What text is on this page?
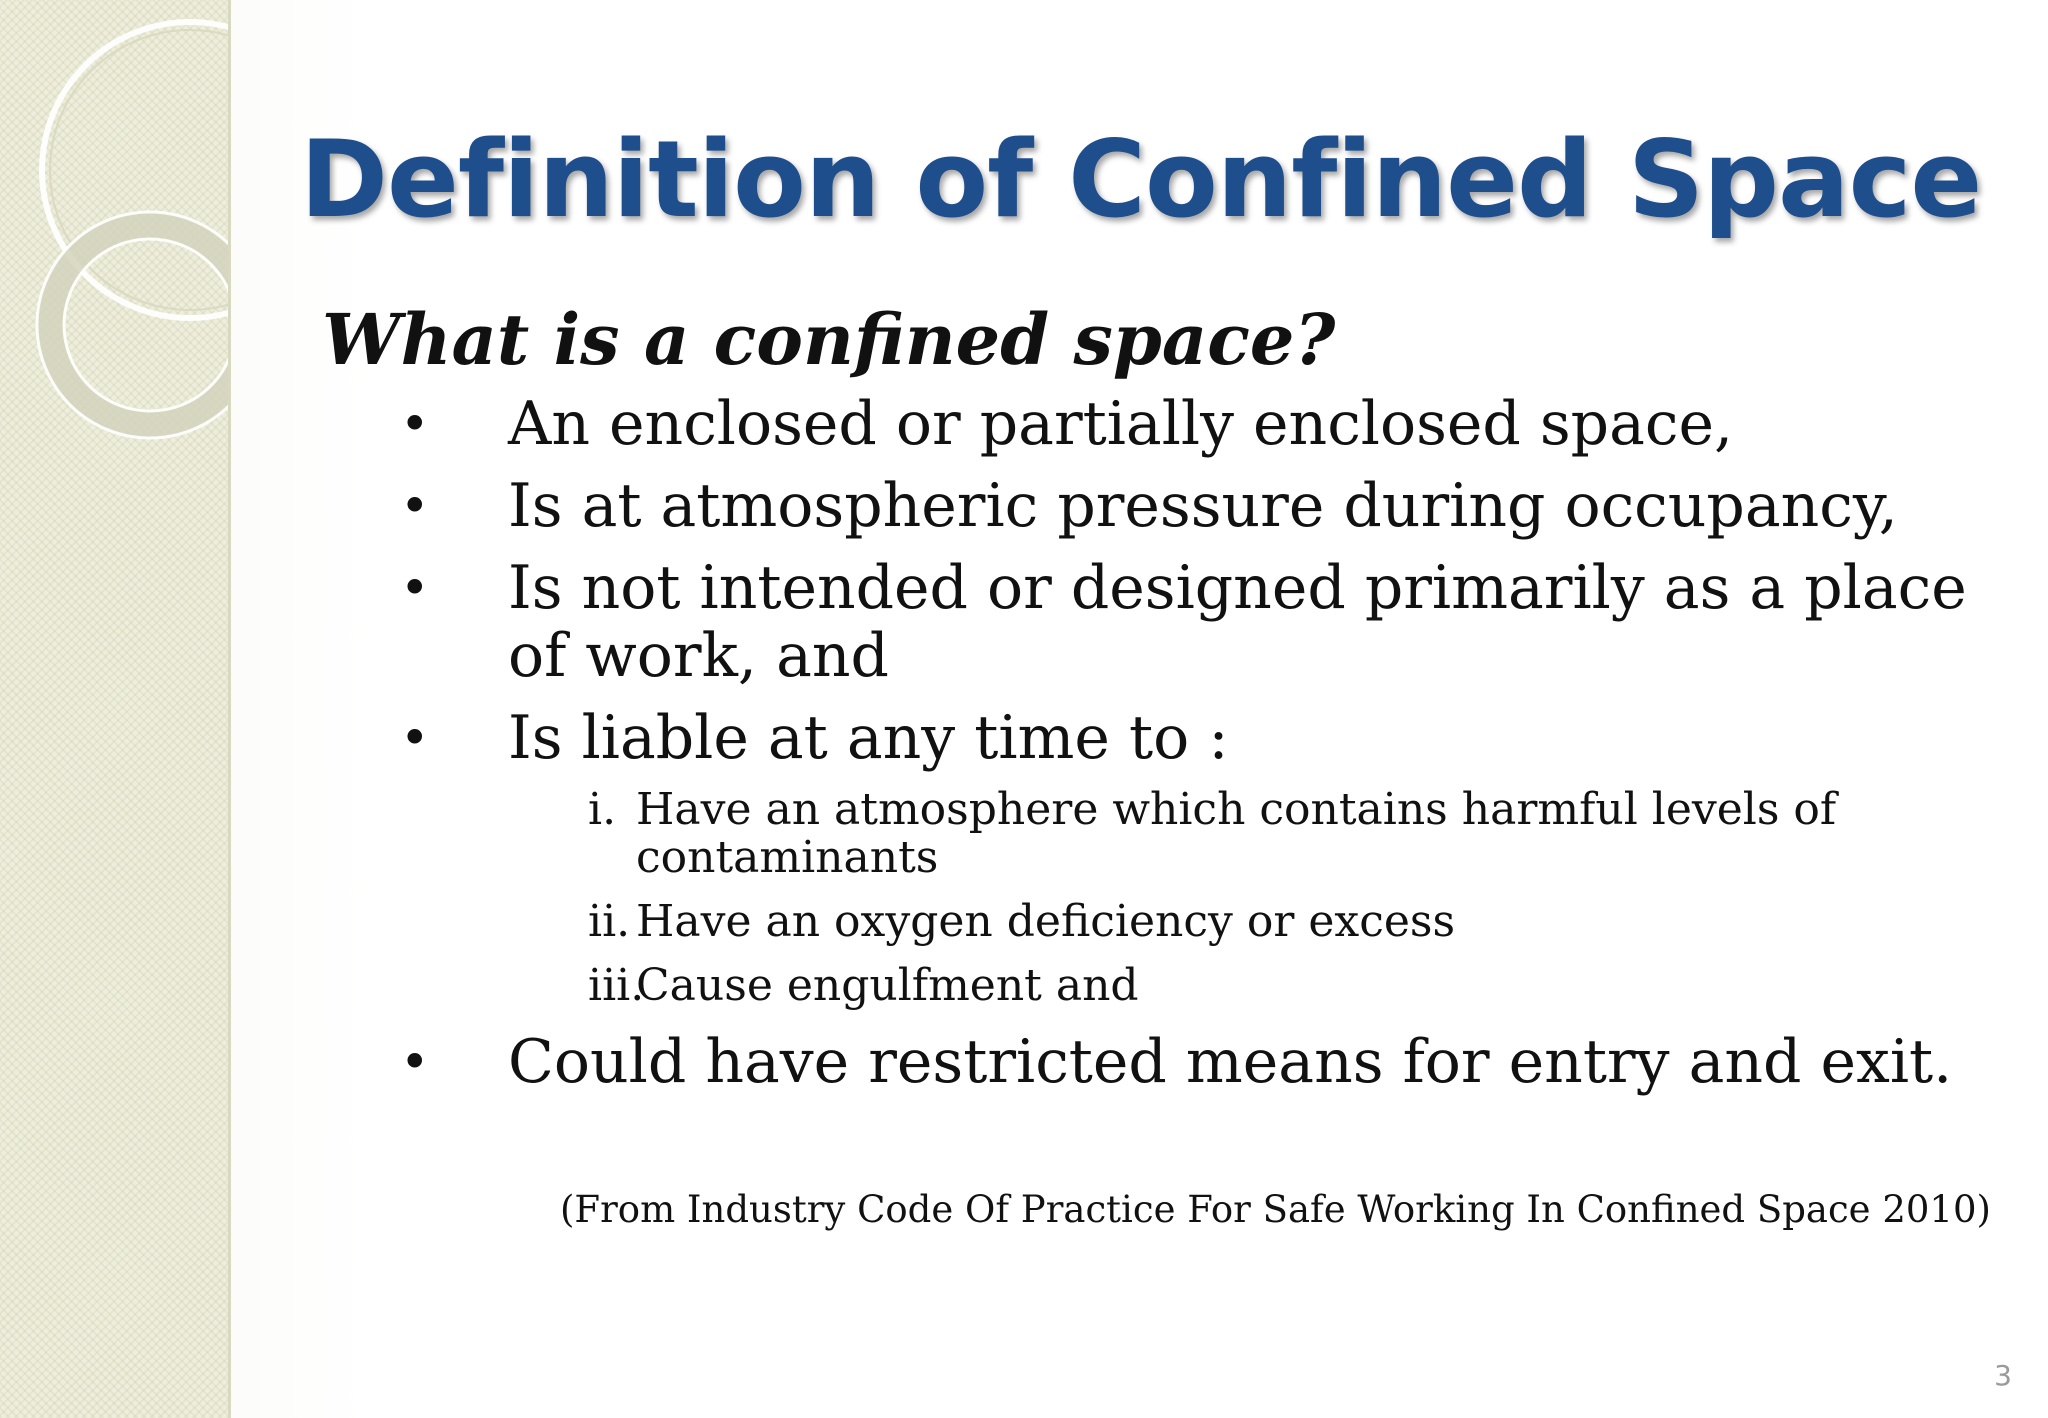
Definition of Confined Space
What is a confined space?
• An enclosed or partially enclosed space,
• Is at atmospheric pressure during occupancy,
• Is not intended or designed primarily as a place of work, and
• Is liable at any time to :
i. Have an atmosphere which contains harmful levels of contaminants
ii. Have an oxygen deficiency or excess
iii.
Cause engulfment and
• Could have restricted means for entry and exit.
(From Industry Code Of Practice For Safe Working In Confined Space 2010)
3
